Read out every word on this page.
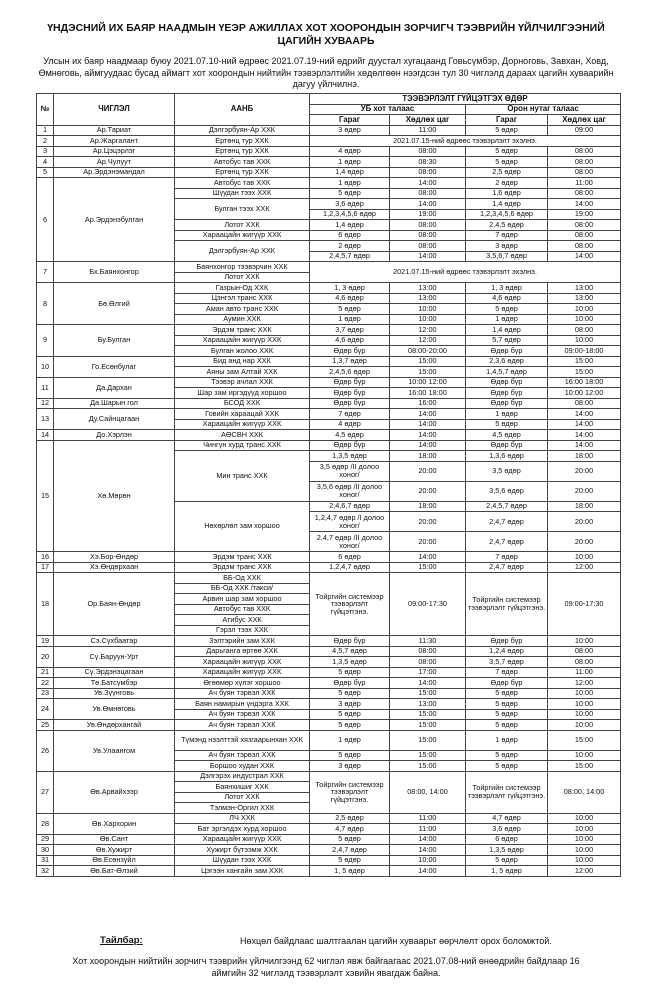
ҮНДЭСНИЙ ИХ БАЯР НААДМЫН ҮЕЭР АЖИЛЛАХ ХОТ ХООРОНДЫН ЗОРЧИГЧ ТЭЭВРИЙН ҮЙЛЧИЛГЭЭНИЙ ЦАГИЙН ХУВААРЬ
Улсын их баяр наадмаар буюу 2021.07.10-ний өдрөөс 2021.07.19-ний өдрийг дуустал хугацаанд Говьсүмбэр, Дорноговь, Завхан, Ховд, Өмнөговь, аймгуудаас бусад аймагт хот хоорондын нийтийн тээвэрлэлтийн хөдөлгөөн нээгдсэн тул 30 чиглэлд дараах цагийн хуваарийн дагуу үйлчилнэ.
№	ЧИГЛЭЛ	ААНБ	ТЭЭВЭРЛЭЛТ ГҮЙЦЭТГЭХ ӨДӨР			
			УБ хот талаас		Орон нутаг талаас	
			Гараг	Хөдлөх цаг	Гараг	Хөдлөх цаг
1	Ар.Тариат	Дэлгэрбуян-Ар ХХК	3 өдөр	11:00	5 өдөр	09:00
2	Ар.Жаргалант	Ертөнц тур ХХК	2021.07.15-ний өдрөөс тээвэрлэлт эхэлнэ.			
3	Ар.Цэцэрлэг	Ертөнц тур ХХК	4 өдөр	08:00	5 өдөр	08:00
4	Ар.Чулуут	Автобус тав ХХК	1 өдөр	08:30	5 өдөр	08:00
5	Ар.Эрдэнэмандал	Ертөнц тур ХХК	1,4 өдөр	08:00	2,5 өдөр	08:00
6	Ар.Эрдэнэбулган	Автобус тав ХХК	1 өдөр	14:00	2 өдөр	11:00
		Шүудан тээх ХХК	5 өдөр	08:00	1,6 өдөр	08:00
		Булган тээх ХХК	3,6 өдөр	14:00	1,4 өдөр	14:00
			1,2,3,4,5,6 өдөр	19:00	1,2,3,4,5,6 өдөр	19:00
		Лотот ХХК	1,4 өдөр	08:00	2,4,5 өдөр	08:00
		Хараацайн жигүүр ХХК	6 өдөр	08:00	7 өдөр	08:00
		Дэлгэрбуян-Ар ХХК	2 өдөр	08:00	3 өдөр	08:00
			2,4,5,7 өдөр	14:00	3,5,6,7 өдөр	14:00
7	Бх.Баянхонгор	Баянхонгор тээвэрчин ХХК	2021.07.15-ний өдрөөс тээвэрлэлт эхэлнэ.			
		Лотот ХХК				
8	Бө.Өлгий	Газрын-Од ХХК	1, 3 өдөр	13:00	1, 3 өдөр	13:00
		Цэнгэл транс ХХК	4,6 өдөр	13:00	4,6 өдөр	13:00
		Аман авто транс ХХК	5 өдөр	10:00	5 өдөр	10:00
		Аумин ХХК	1 өдөр	10:00	1 өдөр	10:00
9	Бу.Булган	Эрдэм транс ХХК	3,7 өдөр	12:00	1,4 өдөр	08:00
		Хараацайн жигүүр ХХК	4,6 өдөр	12:00	5,7 өдөр	10:00
		Булган жолоо ХХК	Өдөр бүр	08:00-20:00	Өдөр бүр	09:00-18:00
10	Го.Есөнбулаг	Бид анд нар ХХК	1,3,7 өдөр	15:00	2,3,6 өдөр	15:00
		Аяны зам Алтай ХХК	2,4,5,6 өдөр	15:00	1,4,5,7 өдөр	15:00
11	Да.Дархан	Тээвэр ачлал ХХК	Өдөр бүр	10:00 12:00	Өдөр бүр	16:00 18:00
		Шар зам иргэдүүд хоршоо	Өдөр бүр	16:00 18:00	Өдөр бүр	10:00 12:00
12	Да.Шарын гол	БСОД ХХК	Өдөр бүр	16:00	Өдөр бүр	08:00
13	Ду.Сайнцагаан	Говийн хараацай ХХК	7 өдөр	14:00	1 өдөр	14:00
		Хараацайн жигүүр ХХК	4 өдөр	14:00	5 өдөр	14:00
14	До.Хэрлэн	АӨСВН ХХК	4,5 өдөр	14:00	4,5 өдөр	14:00
15	Хө.Мөрөн	Чингүн хурд транс ХХК	Өдөр бүр	14:00	Өдөр бүр	14:00
		Мин транс ХХК	1,3,5 өдөр	18:00	1,3,6 өдөр	18:00
			3,5 өдөр /II долоо хоног/	20:00	3,5 өдөр	20:00
			3,5,6 өдөр /II долоо хоног/	20:00	3,5,6 өдөр	20:00
		Нөхөрлөл зам хоршоо	2,4,6,7 өдөр	18:00	2,4,5,7 өдөр	18:00
			1,2,4,7 өдөр /I долоо хоног/	20:00	2,4,7 өдөр	20:00
			2,4,7 өдөр /II долоо хоног/	20:00	2,4,7 өдөр	20:00
16	Хэ.Бор-Өндөр	Эрдэм транс ХХК	6 өдөр	14:00	7 өдөр	10:00
17	Хэ.Өндөрхаан	Эрдэм транс ХХК	1,2,4,7 өдөр	15:00	2,4,7 өдөр	12:00
18	Ор.Баян-Өндөр	ББ-Од ХХК	Тойргийн системээр тээвэрлэлт гүйцэтгэнэ.	09:00-17:30	Тойргийн системээр тээвэрлэлт гүйцэтгэнэ.	09:00-17:30
		ББ-Од ХХК /такси/				
		Арвин шар зам хоршоо				
		Автобус тав ХХК				
		Атибус ХХК				
		Гэрэл тээх ХХК				
19	Сэ.Сүхбаатар	Зэлтэрийн зам ХХК	Өдөр бүр	11:30	Өдөр бүр	10:00
20	Сү.Баруун-Урт	Дарьганга өртөө ХХК	4,5,7 өдөр	08:00	1,2,4 өдөр	08:00
		Хараацайн жигүүр ХХК	1,3,5 өдөр	08:00	3,5,7 өдөр	08:00
21	Сү.Эрдэнэцагаан	Хараацайн жигүүр ХХК	5 өдөр	17:00	7 өдөр	11:00
22	Тө.Батсүмбэр	Өгөөмөр хүлэг хоршоо	Өдөр бүр	14:00	Өдөр бүр	12:00
23	Ув.Зүүнговь	Ач буян тэрвэл ХХК	5 өдөр	15:00	5 өдөр	10:00
24	Ув.Өмнөговь	Баян намирын үндэрга ХХК	3 өдөр	13:00	5 өдөр	10:00
		Ач буян тэрвэл ХХК	5 өдөр	15:00	5 өдөр	10:00
25	Ув.Өндөрхангай	Ач буян тэрвэл ХХК	5 өдөр	15:00	5 өдөр	10:00
26	Ув.Улаангом	Түмэнд нээлттэй хязгаарынхан ХХК	1 өдөр	15:00	1 өдөр	15:00
		Ач буян тэрвэл ХХК	5 өдөр	15:00	5 өдөр	10:00
		Боршоо худан ХХК	3 өдөр	15:00	5 өдөр	15:00
27	Өв.Арвайхээр	Дэлгэрэх индустрал ХХК	Тойргийн системээр тээвэрлэлт гүйцэтгэнэ.	08:00, 14:00	Тойргийн системээр тээвэрлэлт гүйцэтгэнэ.	08:00, 14:00
		Баянхишиг ХХК				
		Лотот ХХК				
		Тэлмэн-Оргил ХХК				
28	Өв.Хархорин	ЛЧ ХХК	2,5 өдөр	11:00	4,7 өдөр	10:00
		Бат эргэлдэх хурд хоршоо	4,7 өдөр	11:00	3,6 өдөр	10:00
29	Өв.Сант	Хараацайн жигүүр ХХК	5 өдөр	14:00	6 өдөр	10:00
30	Өв.Хужирт	Хужирт бүтээмж ХХК	2,4,7 өдөр	14:00	1,3,5 өдөр	10:00
31	Өв.Есөнзүйл	Шүудан тээх ХХК	5 өдөр	10:00	5 өдөр	10:00
32	Өв.Бат-Өлзий	Цэгээн хангайн зам ХХК	1, 5 өдөр	14:00	1, 5 өдөр	12:00
Тайлбар:	Нөхцөл байдлаас шалтгаалан цагийн хуваарьт өөрчлөлт орох боломжтой.
Хот хоорондын нийтийн зорчигч тээврийн үйлчилгээнд 62 чиглэл явж байгаагаас 2021.07.08-ний өнөөдрийн байдлаар 16 аймгийн 32 чиглэлд тээвэрлэлт хэвийн явагдаж байна.
